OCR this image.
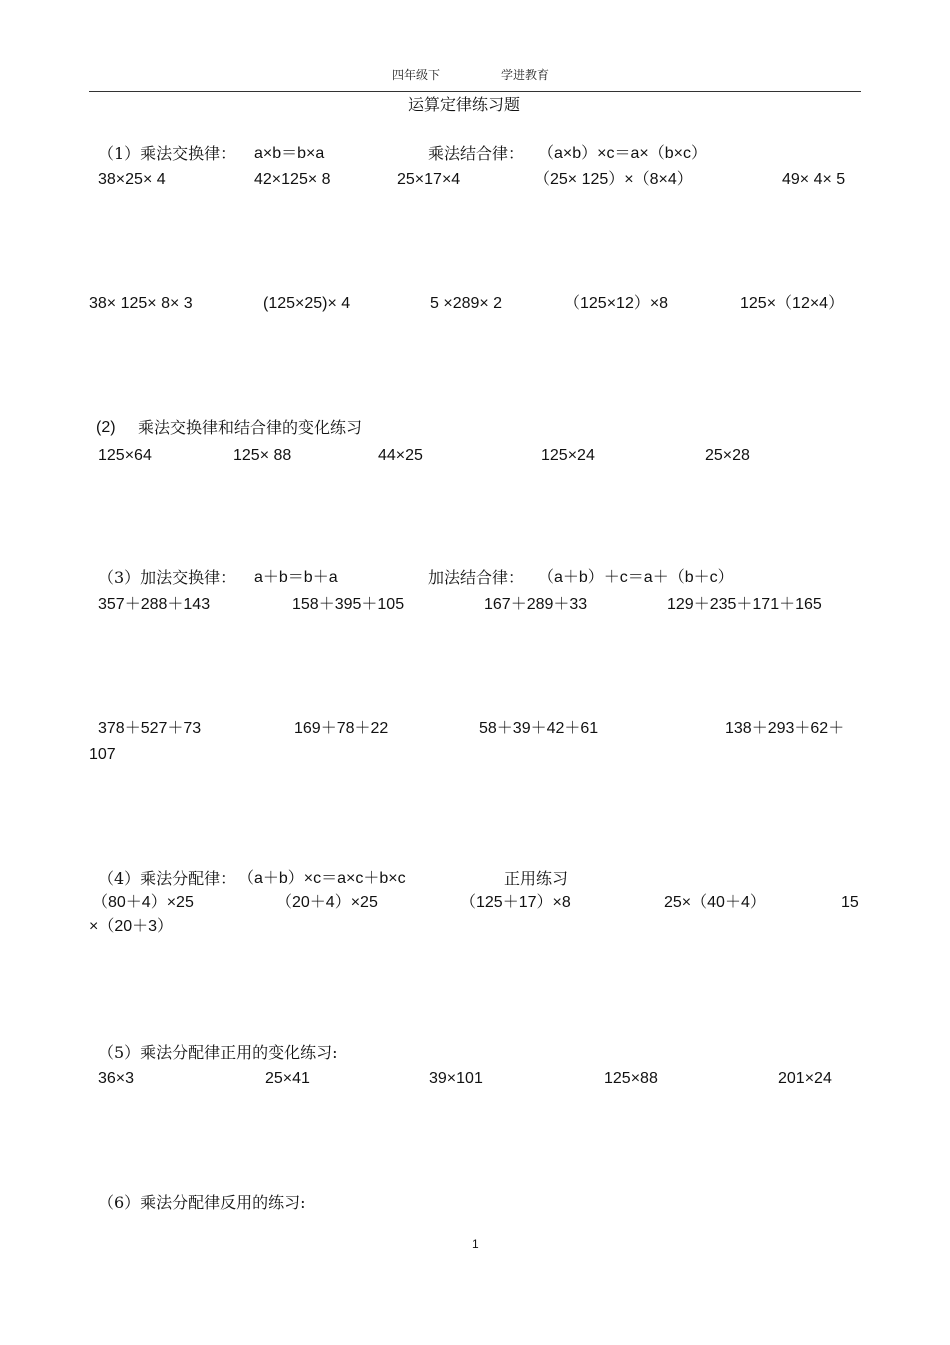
四年级下	学进教育
运算定律练习题
（1）乘法交换律： a×b＝b×a	乘法结合律： （a×b）×c＝a×（b×c）
38×25× 4	42×125× 8	25×17×4	（25× 125）×（8×4）	49× 4× 5
38× 125× 8× 3	(125×25)× 4	5 ×289× 2	（125×12）×8	125×（12×4）
(2) 乘法交换律和结合律的变化练习
125×64	125× 88	44×25	125×24	25×28
（3）加法交换律： a＋b＝b＋a	加法结合律： （a＋b）＋c＝a＋（b＋c）
357＋288＋143	158＋395＋105	167＋289＋33	129＋235＋171＋165
378＋527＋73	169＋78＋22	58＋39＋42＋61	138＋293＋62＋
107
（4）乘法分配律： （a＋b）×c＝a×c＋b×c	正用练习
（80＋4）×25	（20＋4）×25	（125＋17）×8	25×（40＋4）	15
×（20＋3）
（5）乘法分配律正用的变化练习:
36×3	25×41	39×101	125×88	201×24
（6）乘法分配律反用的练习:
1
